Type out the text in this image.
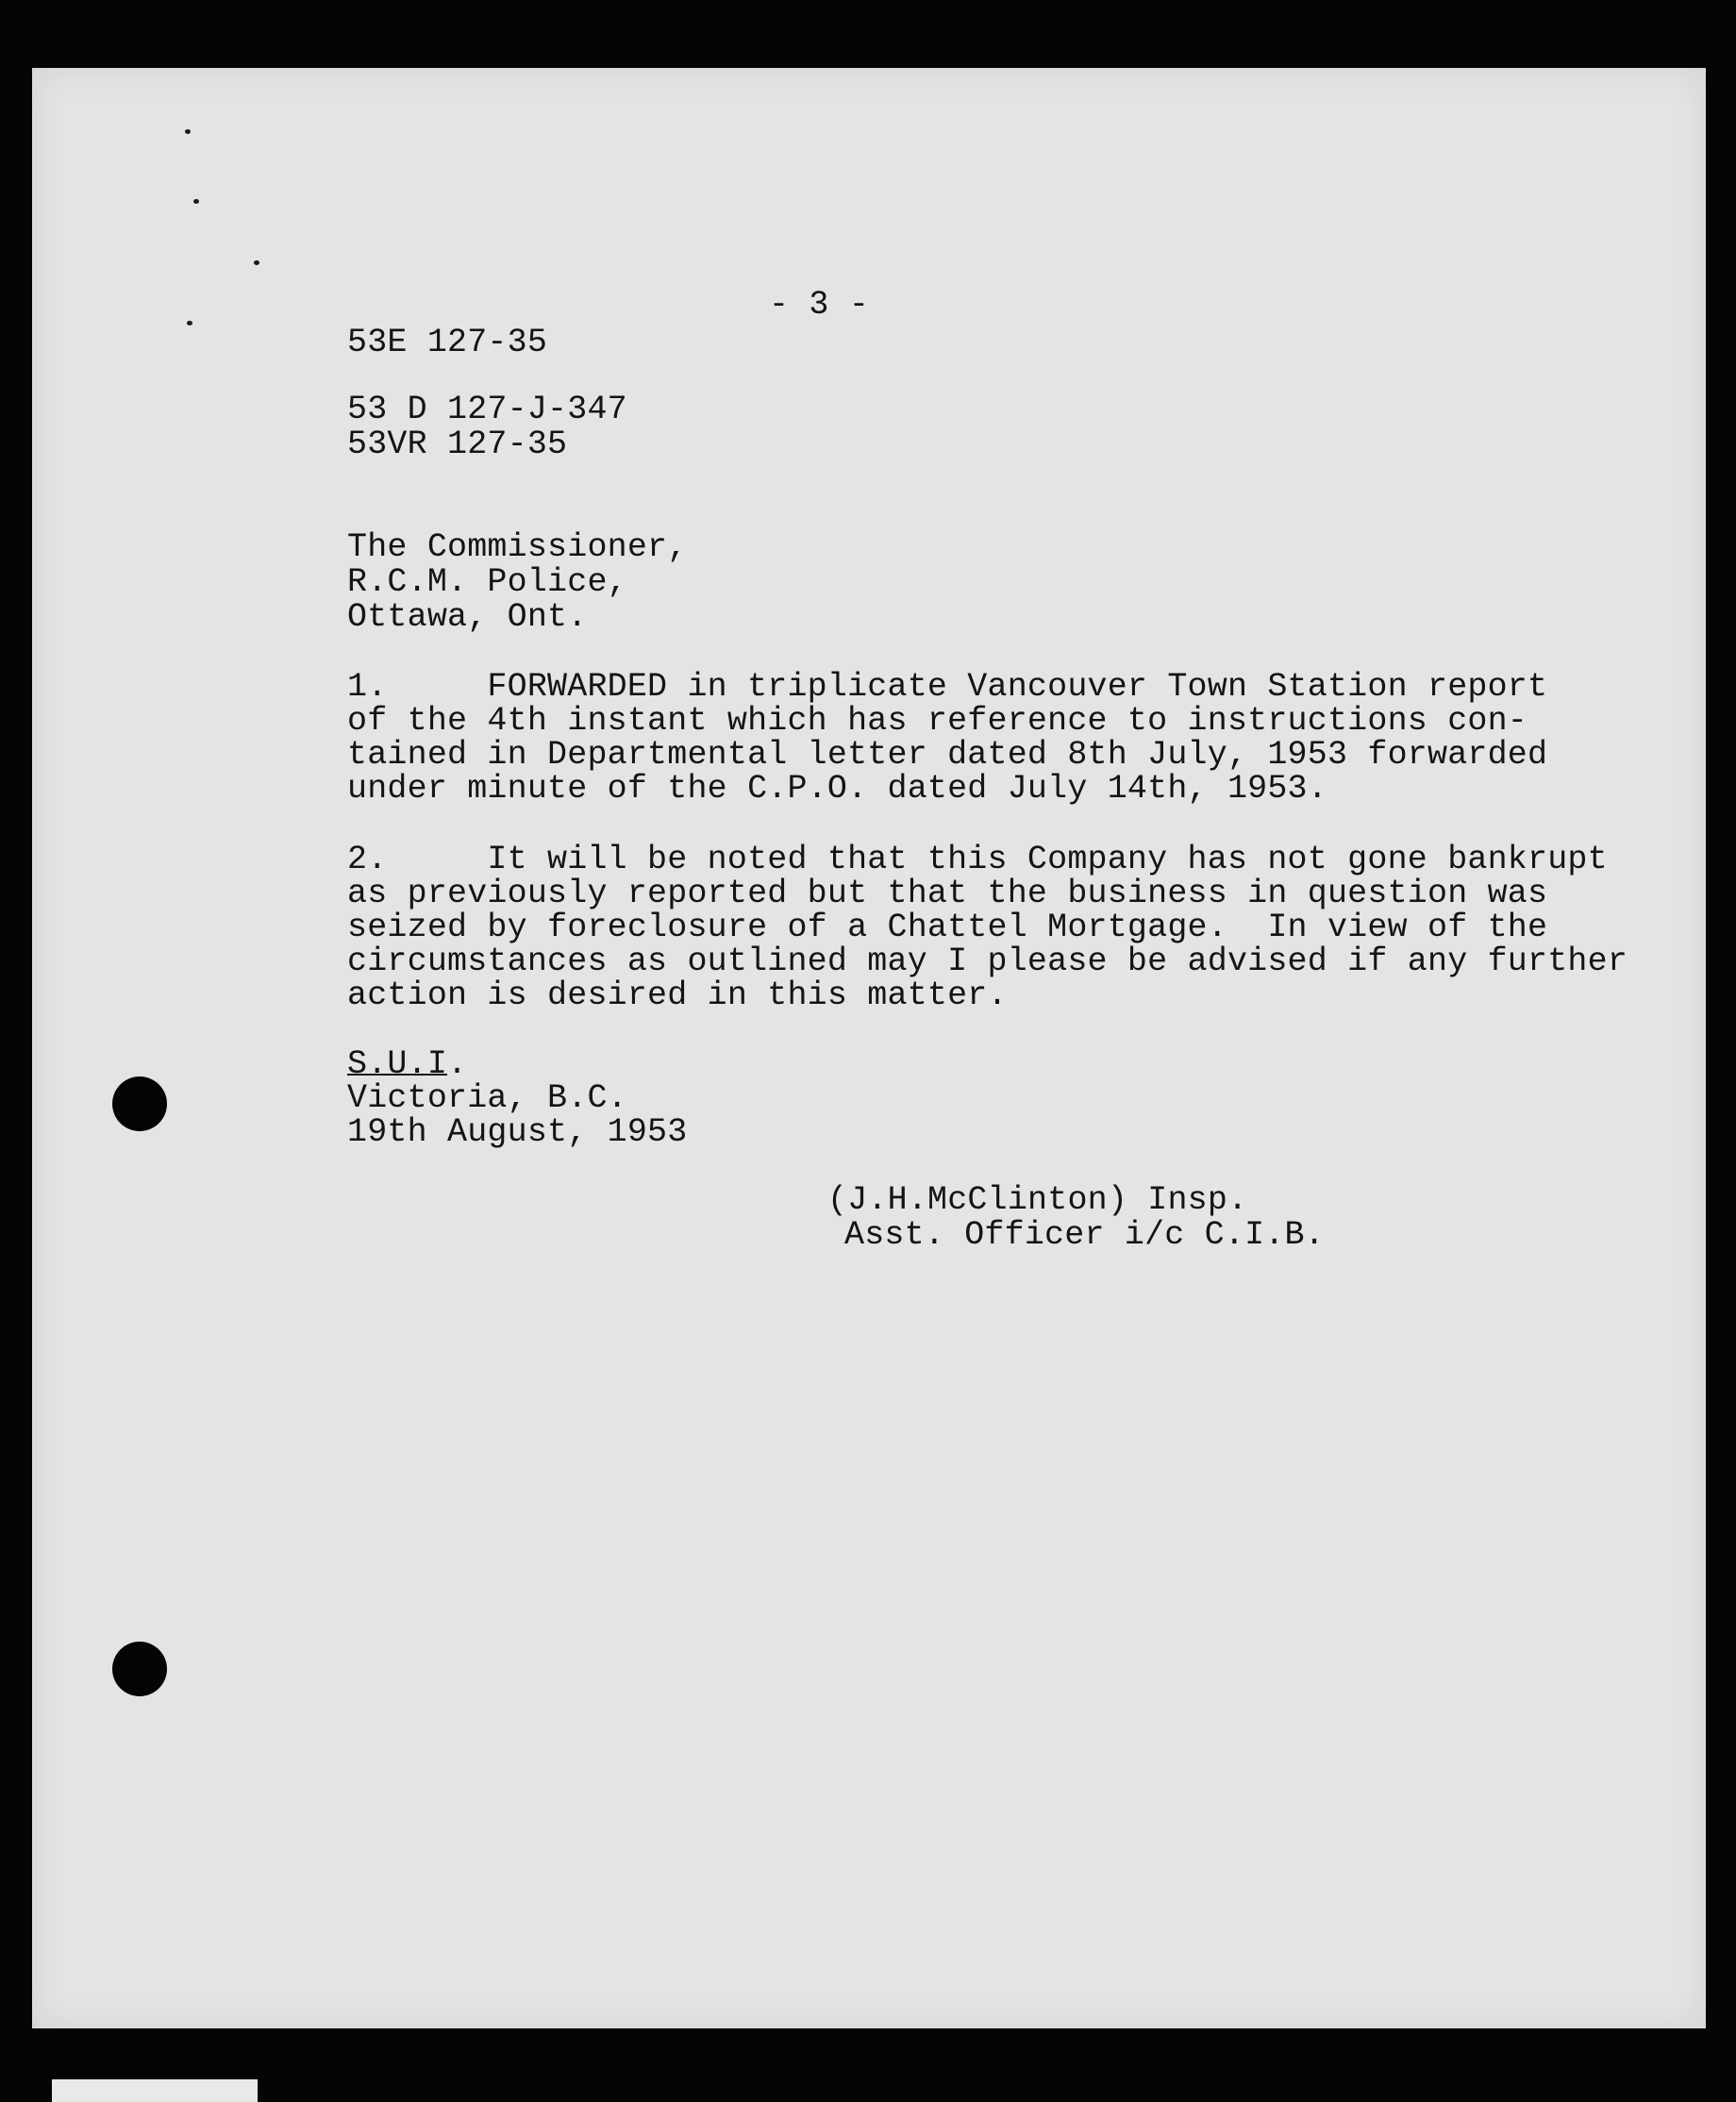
- 3 -

53E 127-35

53 D 127-J-347

53VR 127-35

The Commissioner,

R.C.M. Police,

Ottawa, Ont.

1.     FORWARDED in triplicate Vancouver Town Station report

of the 4th instant which has reference to instructions con-

tained in Departmental letter dated 8th July, 1953 forwarded

under minute of the C.P.O. dated July 14th, 1953.

2.     It will be noted that this Company has not gone bankrupt

as previously reported but that the business in question was

seized by foreclosure of a Chattel Mortgage.  In view of the

circumstances as outlined may I please be advised if any further

action is desired in this matter.

S.U.I.

Victoria, B.C.

19th August, 1953

(J.H.McClinton) Insp.

Asst. Officer i/c C.I.B.
